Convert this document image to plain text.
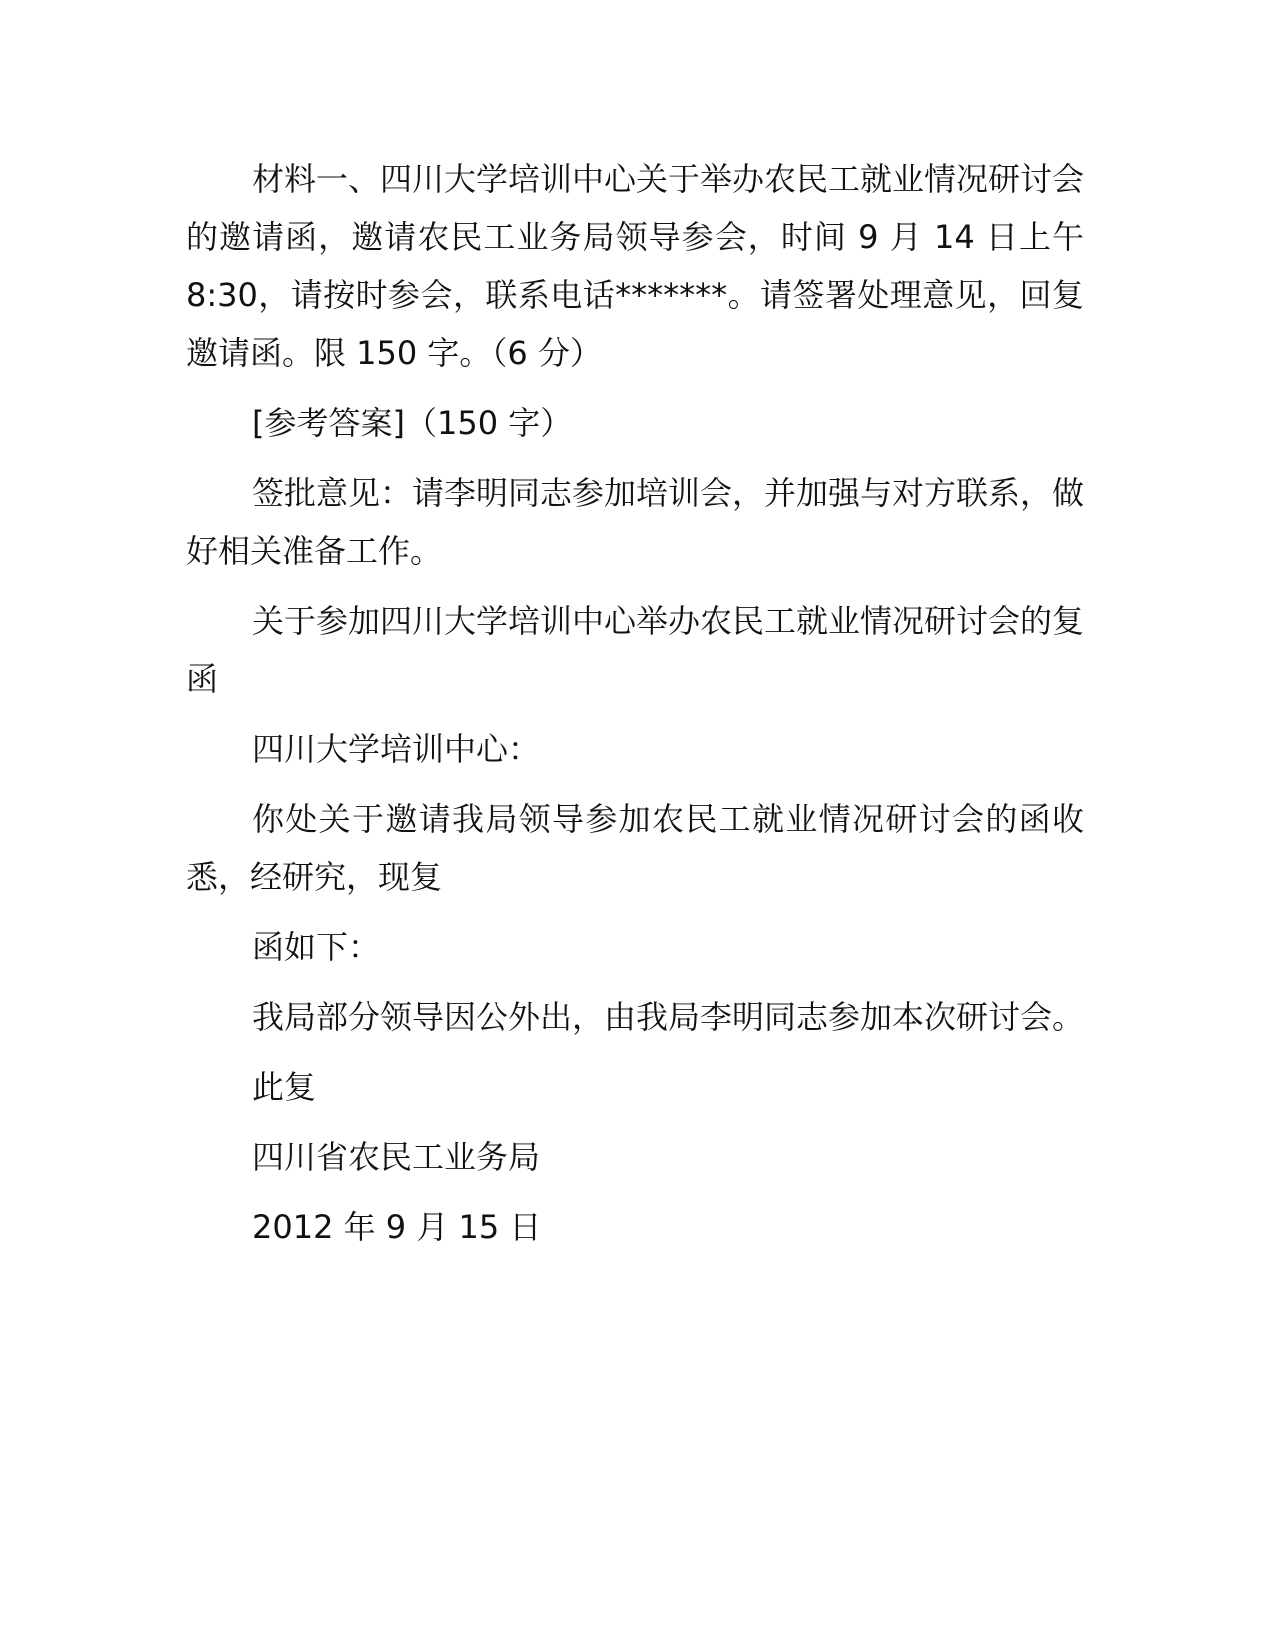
材料一、四川大学培训中心关于举办农民工就业情况研讨会的邀请函，邀请农民工业务局领导参会，时间 9 月 14 日上午 8:30，请按时参会，联系电话*******。请签署处理意见，回复邀请函。限 150 字。（6 分）

[参考答案]（150 字）

签批意见：请李明同志参加培训会，并加强与对方联系，做好相关准备工作。

关于参加四川大学培训中心举办农民工就业情况研讨会的复函

四川大学培训中心：

你处关于邀请我局领导参加农民工就业情况研讨会的函收悉，经研究，现复

函如下：

我局部分领导因公外出，由我局李明同志参加本次研讨会。

此复

四川省农民工业务局

2012 年 9 月 15 日
